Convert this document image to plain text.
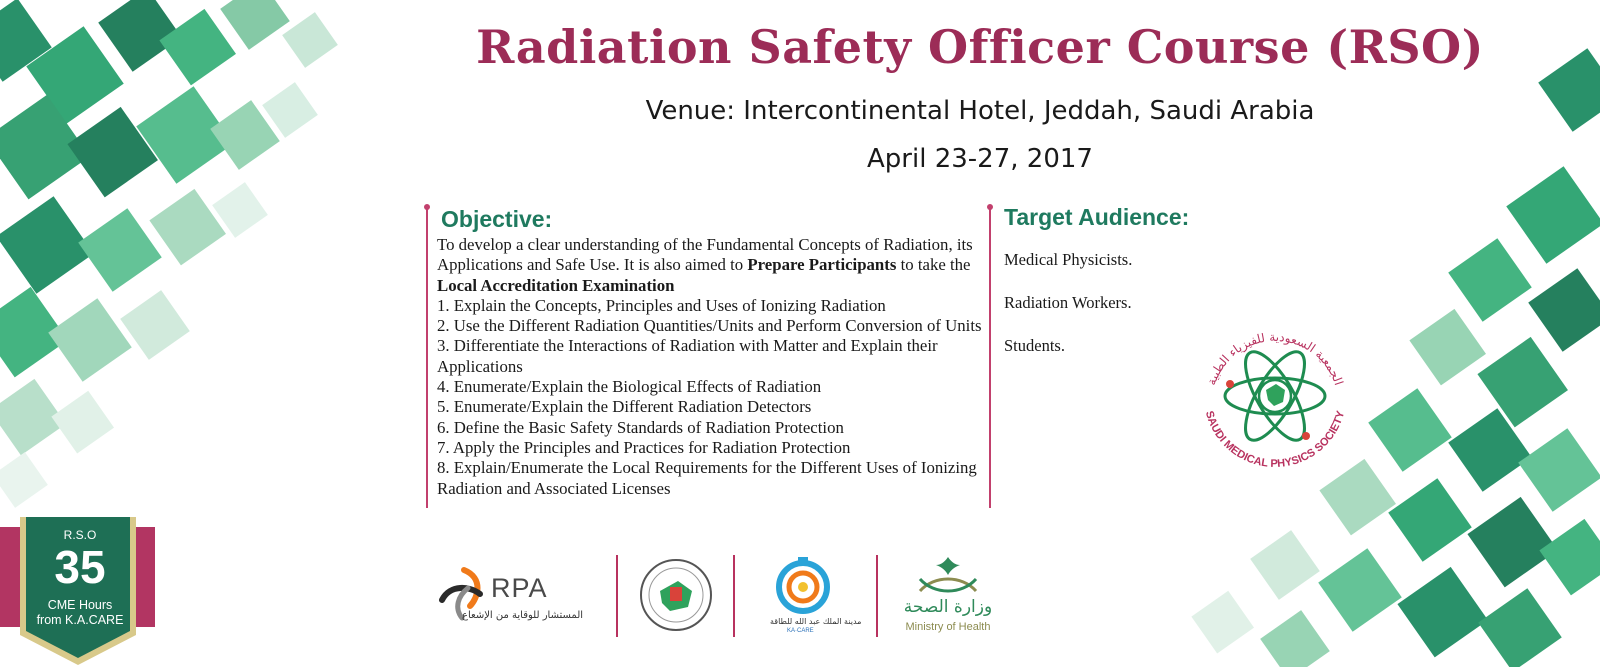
Radiation Safety Officer Course (RSO)
Venue: Intercontinental Hotel, Jeddah, Saudi Arabia
April 23-27, 2017
Objective:

To develop a clear understanding of the Fundamental Concepts of Radiation, its Applications and Safe Use. It is also aimed to Prepare Participants to take the Local Accreditation Examination

1. Explain the Concepts, Principles and Uses of Ionizing Radiation
2. Use the Different Radiation Quantities/Units and Perform Conversion of Units
3. Differentiate the Interactions of Radiation with Matter and Explain their Applications
4. Enumerate/Explain the Biological Effects of Radiation
5. Enumerate/Explain the Different Radiation Detectors
6. Define the Basic Safety Standards of Radiation Protection
7. Apply the Principles and Practices for Radiation Protection
8. Explain/Enumerate the Local Requirements for the Different Uses of Ionizing Radiation and Associated Licenses
Target Audience:
Medical Physicists.
Radiation Workers.
Students.
الجمعية السعودية للفيزياء الطبية
SAUDI MEDICAL PHYSICS SOCIETY
R.S.O
35
CME Hours
from K.A.CARE
RPA
المستشار للوقاية من الإشعاع
مدينة الملك عبد الله للطاقة
KA·CARE
وزارة الصحة
Ministry of Health
